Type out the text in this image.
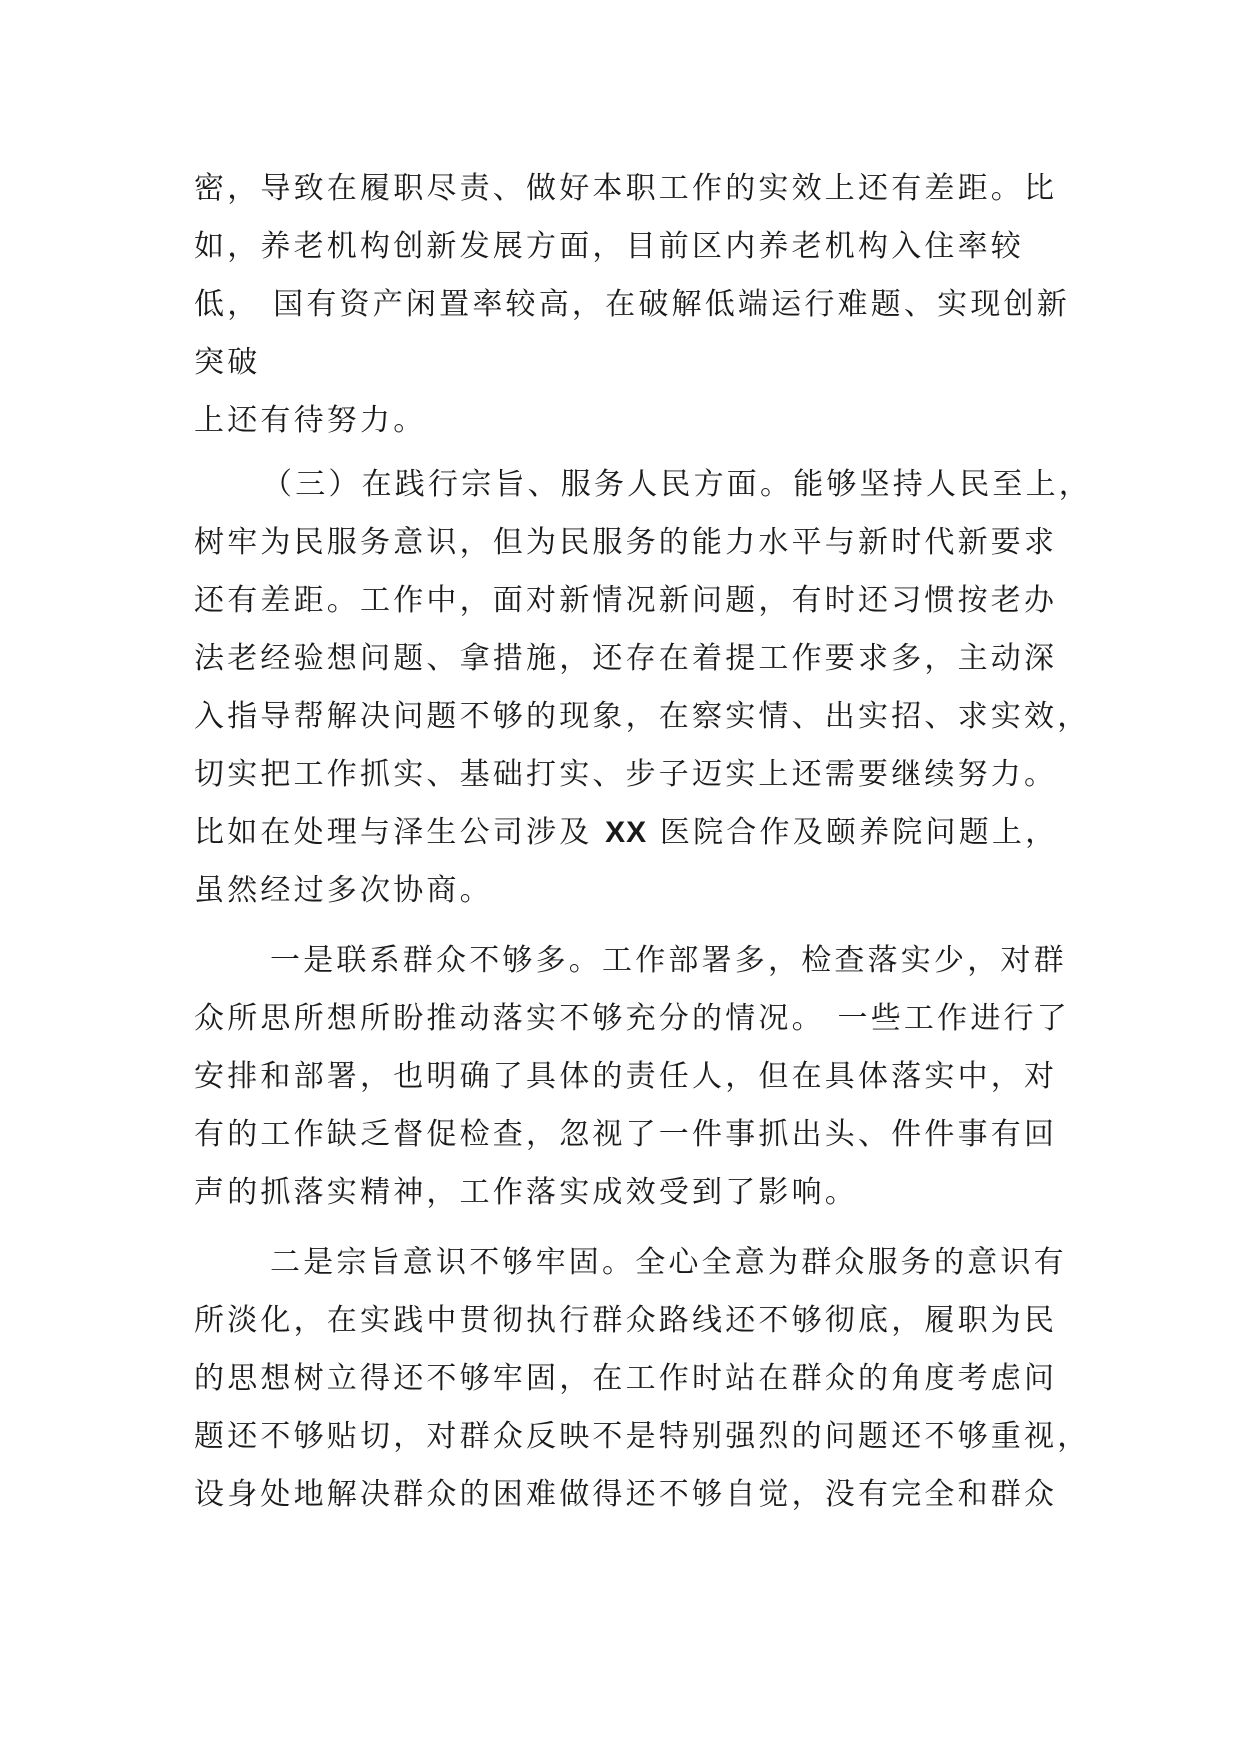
密，导致在履职尽责、做好本职工作的实效上还有差距。比
如，养老机构创新发展方面，目前区内养老机构入住率较
低， 国有资产闲置率较高，在破解低端运行难题、实现创新
突破
上还有待努力。
（三）在践行宗旨、服务人民方面。能够坚持人民至上，
树牢为民服务意识，但为民服务的能力水平与新时代新要求
还有差距。工作中，面对新情况新问题，有时还习惯按老办
法老经验想问题、拿措施，还存在着提工作要求多，主动深
入指导帮解决问题不够的现象，在察实情、出实招、求实效，
切实把工作抓实、基础打实、步子迈实上还需要继续努力。
比如在处理与泽生公司涉及 XX 医院合作及颐养院问题上，
虽然经过多次协商。
一是联系群众不够多。工作部署多，检查落实少，对群
众所思所想所盼推动落实不够充分的情况。 一些工作进行了
安排和部署，也明确了具体的责任人，但在具体落实中，对
有的工作缺乏督促检查，忽视了一件事抓出头、件件事有回
声的抓落实精神，工作落实成效受到了影响。
二是宗旨意识不够牢固。全心全意为群众服务的意识有
所淡化，在实践中贯彻执行群众路线还不够彻底，履职为民
的思想树立得还不够牢固，在工作时站在群众的角度考虑问
题还不够贴切，对群众反映不是特别强烈的问题还不够重视，
设身处地解决群众的困难做得还不够自觉，没有完全和群众
